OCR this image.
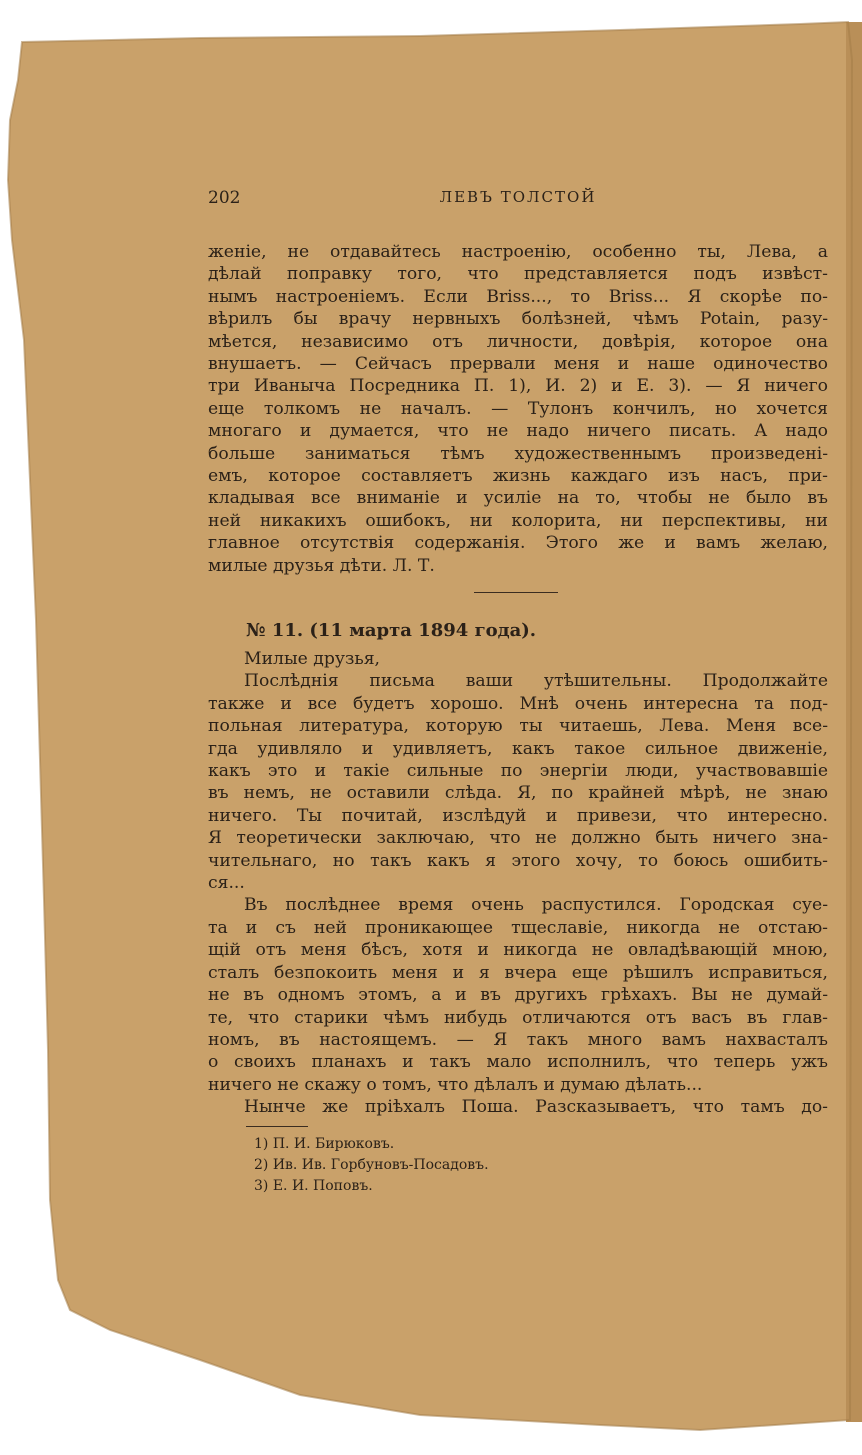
202	ЛЕВЪ ТОЛСТОЙ
женіе, не отдавайтесь настроенію, особенно ты, Лева, а
дѣлай поправку того, что представляется подъ извѣст-
нымъ настроеніемъ. Если Briss..., то Briss... Я скорѣе по-
вѣрилъ бы врачу нервныхъ болѣзней, чѣмъ Potain, разу-
мѣется, независимо отъ личности, довѣрія, которое она
внушаетъ. — Сейчасъ прервали меня и наше одиночество
три Иваныча Посредника П. 1), И. 2) и Е. 3). — Я ничего
еще толкомъ не началъ. — Тулонъ кончилъ, но хочется
многаго и думается, что не надо ничего писать. А надо
больше заниматься тѣмъ художественнымъ произведені-
емъ, которое составляетъ жизнь каждаго изъ насъ, при-
кладывая все вниманіе и усиліе на то, чтобы не было въ
ней никакихъ ошибокъ, ни колорита, ни перспективы, ни
главное отсутствія содержанія. Этого же и вамъ желаю,
милые друзья дѣти. Л. Т.
№ 11. (11 марта 1894 года).
Милые друзья,
Послѣднія письма ваши утѣшительны. Продолжайте
также и все будетъ хорошо. Мнѣ очень интересна та под-
польная литература, которую ты читаешь, Лева. Меня все-
гда удивляло и удивляетъ, какъ такое сильное движеніе,
какъ это и такіе сильные по энергіи люди, участвовавшіе
въ немъ, не оставили слѣда. Я, по крайней мѣрѣ, не знаю
ничего. Ты почитай, изслѣдуй и привези, что интересно.
Я теоретически заключаю, что не должно быть ничего зна-
чительнаго, но такъ какъ я этого хочу, то боюсь ошибить-
ся...
Въ послѣднее время очень распустился. Городская суе-
та и съ ней проникающее тщеславіе, никогда не отстаю-
щій отъ меня бѣсъ, хотя и никогда не овладѣвающій мною,
сталъ безпокоить меня и я вчера еще рѣшилъ исправиться,
не въ одномъ этомъ, а и въ другихъ грѣхахъ. Вы не думай-
те, что старики чѣмъ нибудь отличаются отъ васъ въ глав-
номъ, въ настоящемъ. — Я такъ много вамъ нахвасталъ
о своихъ планахъ и такъ мало исполнилъ, что теперь ужъ
ничего не скажу о томъ, что дѣлалъ и думаю дѣлать...
Нынче же пріѣхалъ Поша. Разсказываетъ, что тамъ до-
1) П. И. Бирюковъ.
2) Ив. Ив. Горбуновъ-Посадовъ.
3) Е. И. Поповъ.
